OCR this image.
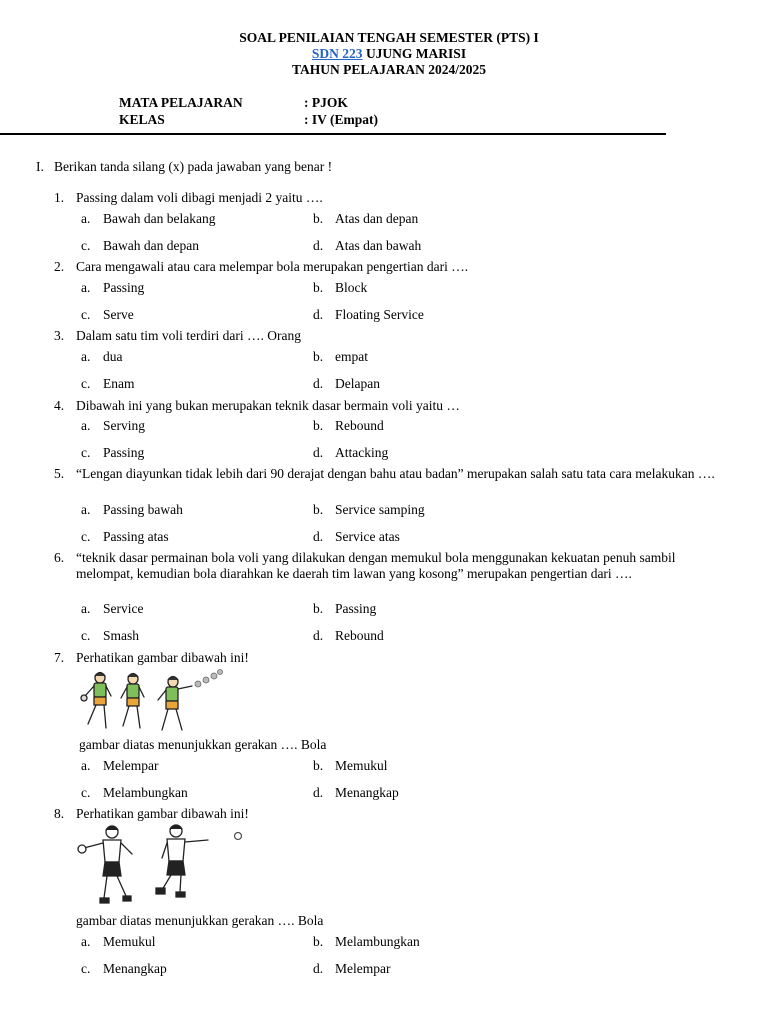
SOAL PENILAIAN TENGAH SEMESTER (PTS) I
SDN 223 UJUNG MARISI
TAHUN PELAJARAN 2024/2025
MATA PELAJARAN	: PJOK
KELAS	: IV (Empat)
I. Berikan tanda silang (x) pada jawaban yang benar !
1. Passing dalam voli dibagi menjadi 2 yaitu ….
a. Bawah dan belakang	b. Atas dan depan
c. Bawah dan depan	d. Atas dan bawah
2. Cara mengawali atau cara melempar bola merupakan pengertian dari ….
a. Passing	b. Block
c. Serve	d. Floating Service
3. Dalam satu tim voli terdiri dari …. Orang
a. dua	b. empat
c. Enam	d. Delapan
4. Dibawah ini yang bukan merupakan teknik dasar bermain voli yaitu …
a. Serving	b. Rebound
c. Passing	d. Attacking
5. “Lengan diayunkan tidak lebih dari 90 derajat dengan bahu atau badan” merupakan salah satu tata cara melakukan ….
a. Passing bawah	b. Service samping
c. Passing atas	d. Service atas
6. “teknik dasar permainan bola voli yang dilakukan dengan memukul bola menggunakan kekuatan penuh sambil melompat, kemudian bola diarahkan ke daerah tim lawan yang kosong” merupakan pengertian dari ….
a. Service	b. Passing
c. Smash	d. Rebound
7. Perhatikan gambar dibawah ini!
gambar diatas menunjukkan gerakan …. Bola
a. Melempar	b. Memukul
c. Melambungkan	d. Menangkap
8. Perhatikan gambar dibawah ini!
gambar diatas menunjukkan gerakan …. Bola
a. Memukul	b. Melambungkan
c. Menangkap	d. Melempar
